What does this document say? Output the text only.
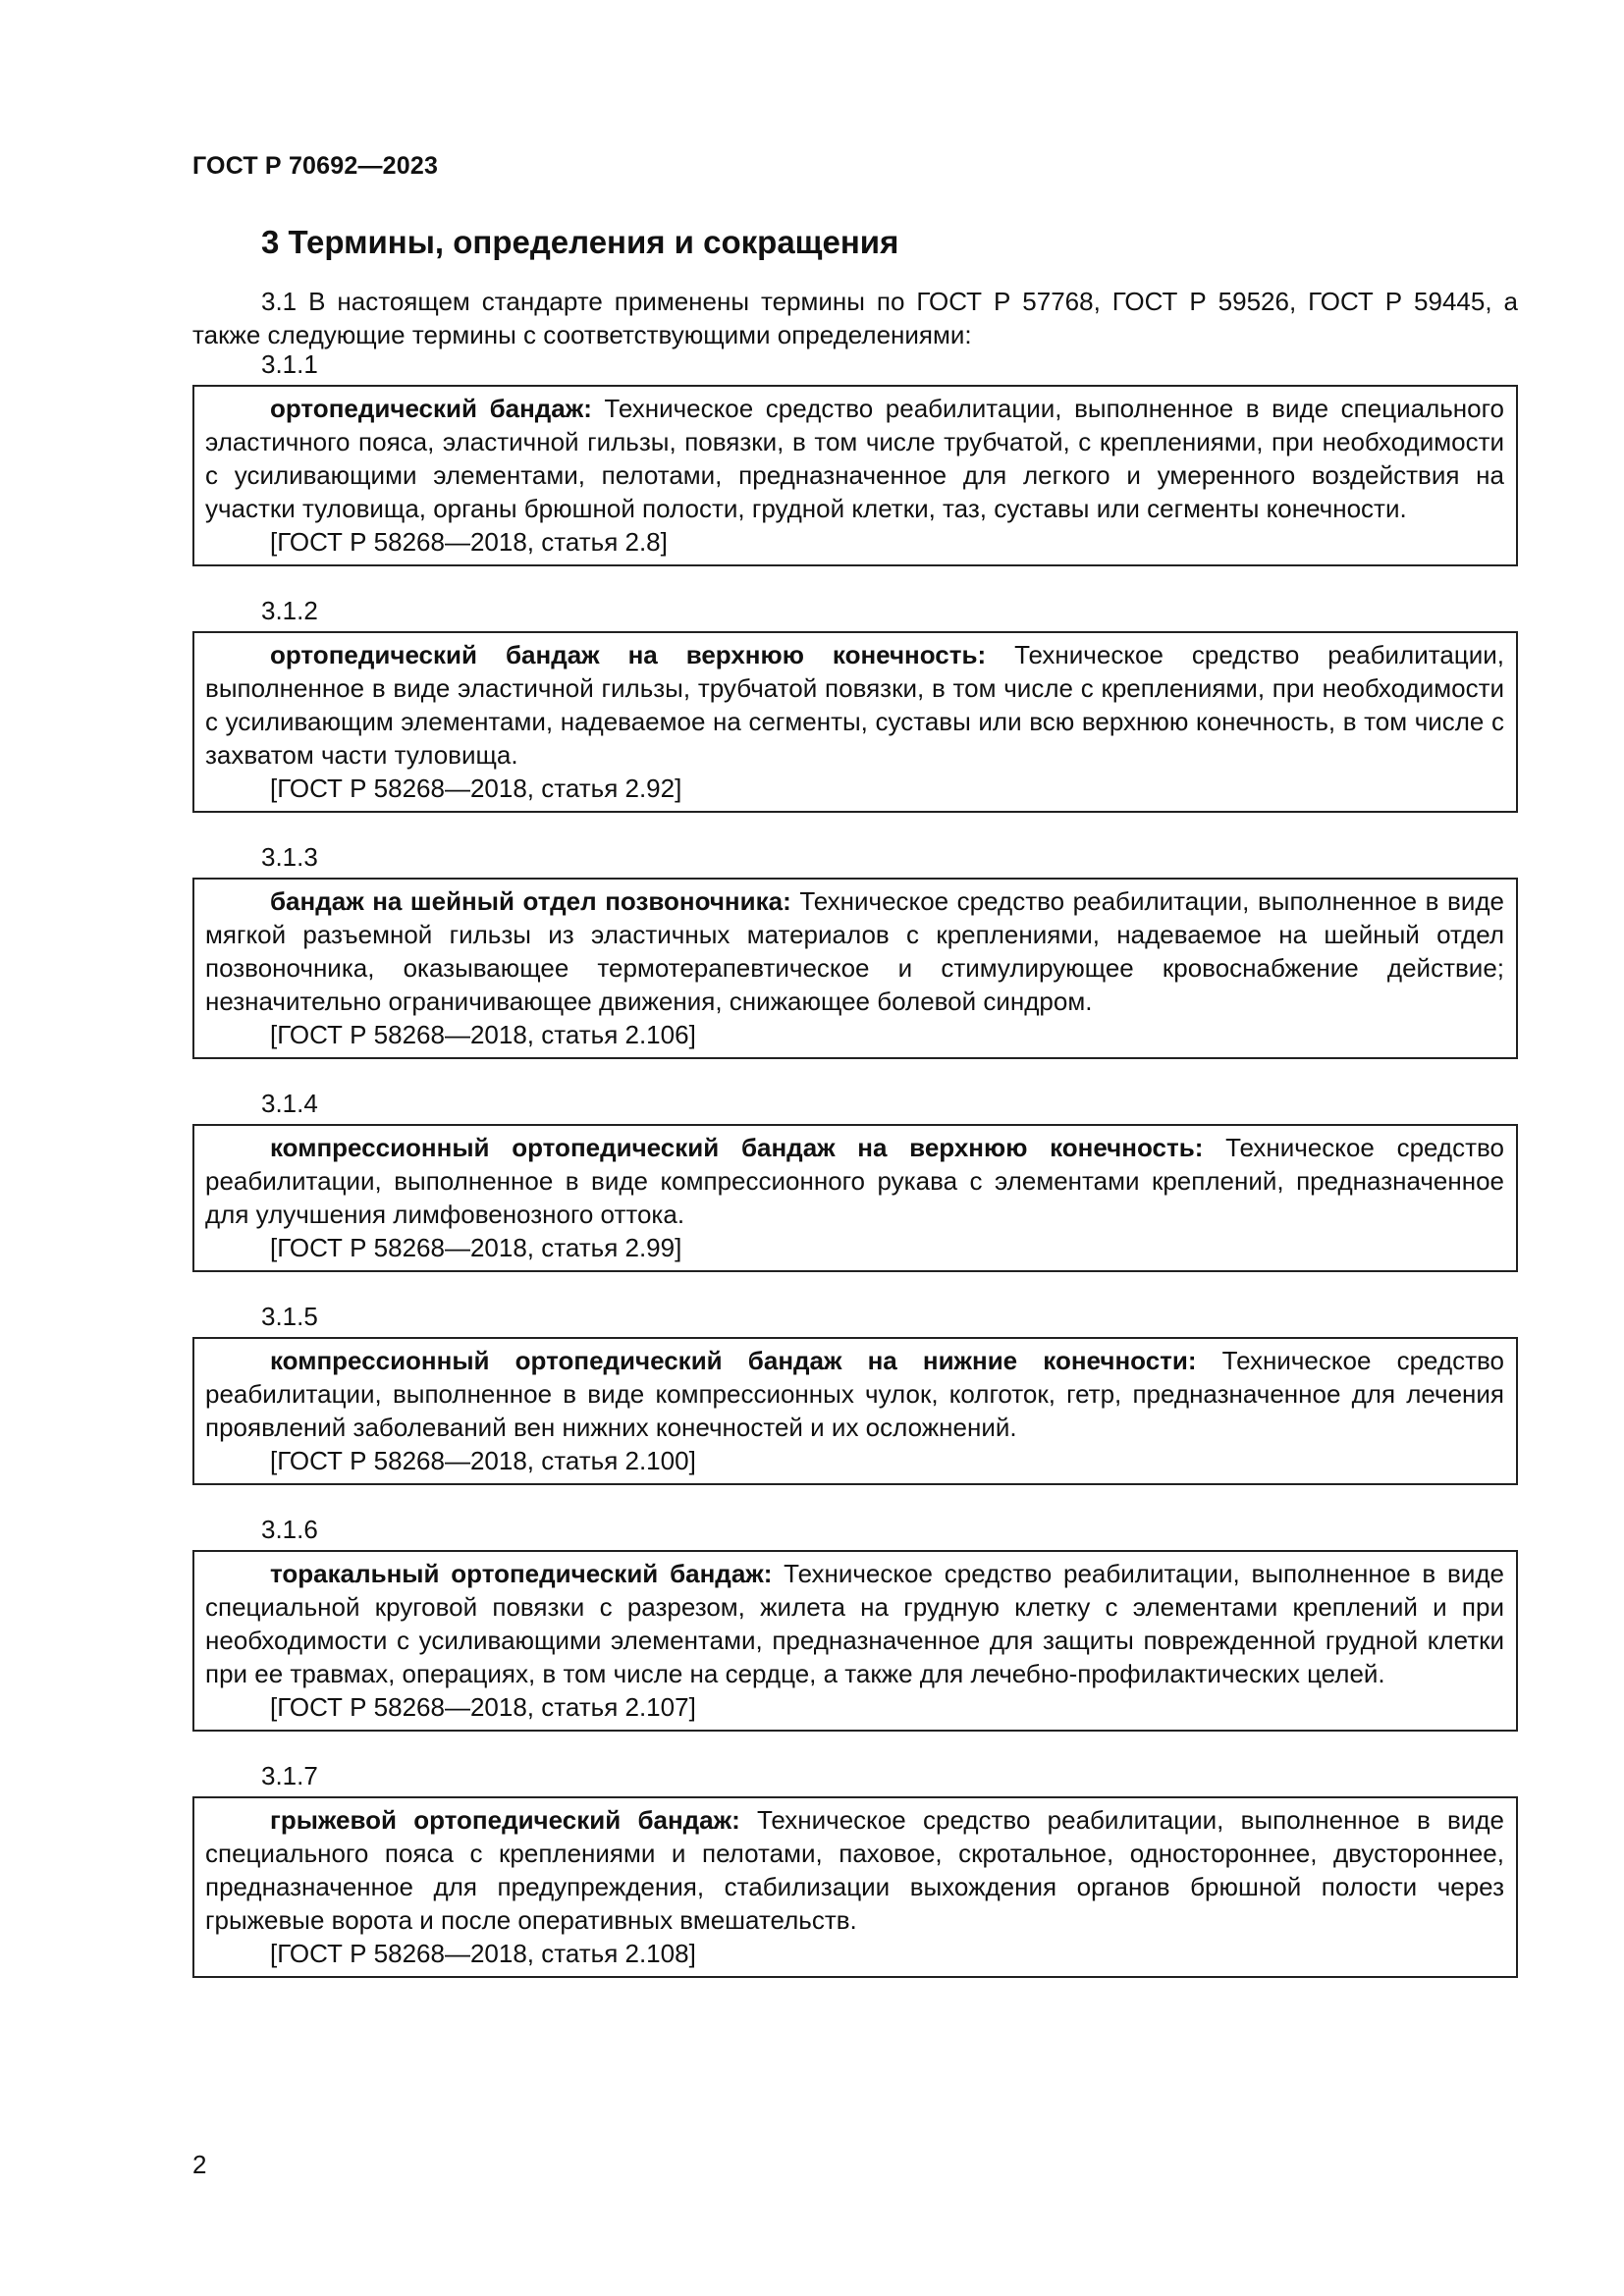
ГОСТ Р 70692—2023
3 Термины, определения и сокращения

3.1 В настоящем стандарте применены термины по ГОСТ Р 57768, ГОСТ Р 59526, ГОСТ Р 59445, а также следующие термины с соответствующими определениями:

3.1.1

ортопедический бандаж: Техническое средство реабилитации, выполненное в виде специального эластичного пояса, эластичной гильзы, повязки, в том числе трубчатой, с креплениями, при необходимости с усиливающими элементами, пелотами, предназначенное для легкого и умеренного воздействия на участки туловища, органы брюшной полости, грудной клетки, таз, суставы или сегменты конечности.

[ГОСТ Р 58268—2018, статья 2.8]

3.1.2

ортопедический бандаж на верхнюю конечность: Техническое средство реабилитации, выполненное в виде эластичной гильзы, трубчатой повязки, в том числе с креплениями, при необходимости с усиливающим элементами, надеваемое на сегменты, суставы или всю верхнюю конечность, в том числе с захватом части туловища.

[ГОСТ Р 58268—2018, статья 2.92]

3.1.3

бандаж на шейный отдел позвоночника: Техническое средство реабилитации, выполненное в виде мягкой разъемной гильзы из эластичных материалов с креплениями, надеваемое на шейный отдел позвоночника, оказывающее термотерапевтическое и стимулирующее кровоснабжение действие; незначительно ограничивающее движения, снижающее болевой синдром.

[ГОСТ Р 58268—2018, статья 2.106]

3.1.4

компрессионный ортопедический бандаж на верхнюю конечность: Техническое средство реабилитации, выполненное в виде компрессионного рукава с элементами креплений, предназначенное для улучшения лимфовенозного оттока.

[ГОСТ Р 58268—2018, статья 2.99]

3.1.5

компрессионный ортопедический бандаж на нижние конечности: Техническое средство реабилитации, выполненное в виде компрессионных чулок, колготок, гетр, предназначенное для лечения проявлений заболеваний вен нижних конечностей и их осложнений.

[ГОСТ Р 58268—2018, статья 2.100]

3.1.6

торакальный ортопедический бандаж: Техническое средство реабилитации, выполненное в виде специальной круговой повязки с разрезом, жилета на грудную клетку с элементами креплений и при необходимости с усиливающими элементами, предназначенное для защиты поврежденной грудной клетки при ее травмах, операциях, в том числе на сердце, а также для лечебно-профилактических целей.

[ГОСТ Р 58268—2018, статья 2.107]

3.1.7

грыжевой ортопедический бандаж: Техническое средство реабилитации, выполненное в виде специального пояса с креплениями и пелотами, паховое, скротальное, одностороннее, двустороннее, предназначенное для предупреждения, стабилизации выхождения органов брюшной полости через грыжевые ворота и после оперативных вмешательств.

[ГОСТ Р 58268—2018, статья 2.108]

2
